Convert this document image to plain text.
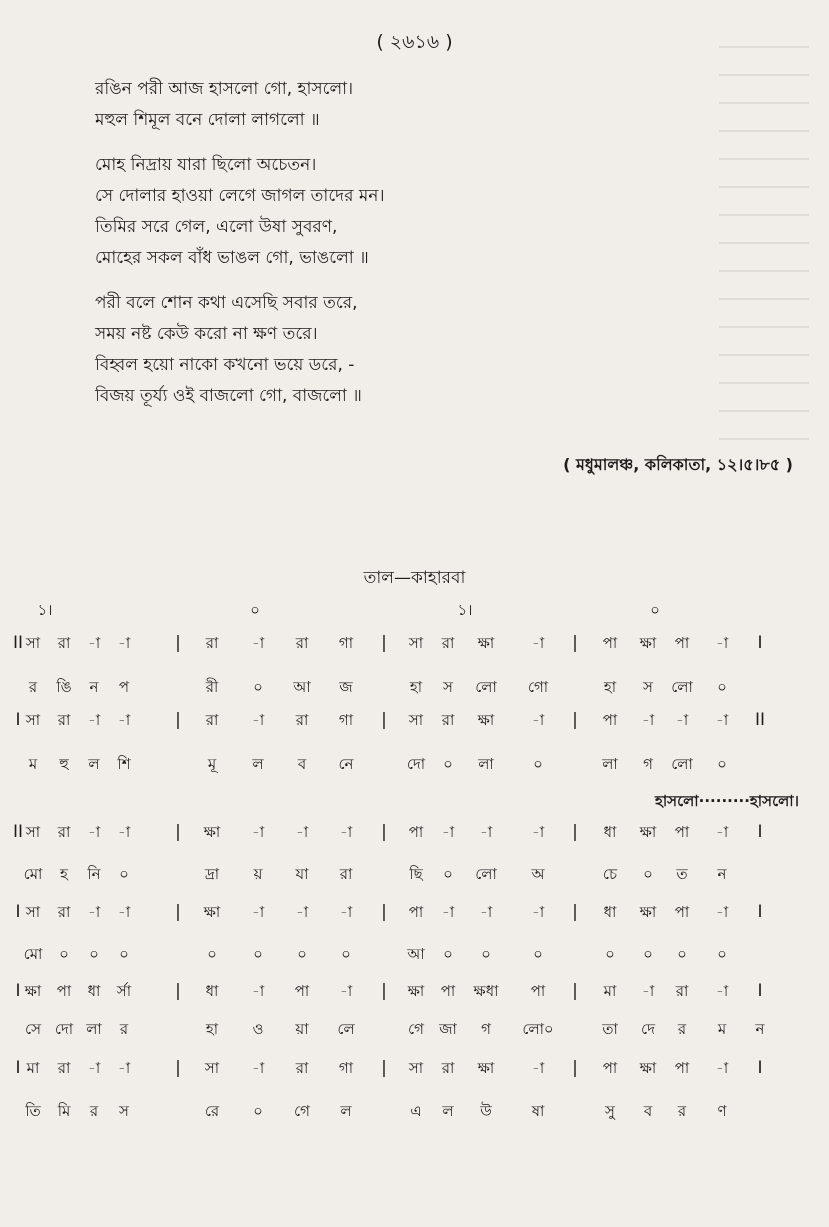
( ২৬১৬ )
রঙিন পরী আজ হাসলো গো, হাসলো।
মহুল শিমূল বনে দোলা লাগলো ॥
মোহ নিদ্রায় যারা ছিলো অচেতন।
সে দোলার হাওয়া লেগে জাগল তাদের মন।
তিমির সরে গেল, এলো উষা সুবরণ,
মোহের সকল বাঁধ ভাঙল গো, ভাঙলো ॥
পরী বলে শোন কথা এসেছি সবার তরে,
সময় নষ্ট কেউ করো না ক্ষণ তরে।
বিহ্বল হয়ো নাকো কখনো ভয়ে ডরে, -
বিজয় তূর্য্য ওই বাজলো গো, বাজলো ॥
( মধুমালঞ্চ, কলিকাতা, ১২।৫।৮৫ )
তাল—কাহারবা
১।	০	১।	০
II সা রা -া -া	| রা -া রা গা | সা রা ক্ষা	-া | পা ক্ষা পা -া I
র ঙি ন প	রী ০ আ জ	হা স লো গো	হা স লো ০
I সা রা -া -া	| রা -া রা গা | সা রা ক্ষা	-া | পা -া -া -া II
ম হু ল শি	মূ ল ব নে	দো ০ লা	০	লা গ লো ০
II সা রা -া -া	| ক্ষা -া -া -া | পা -া -া	-া | ধা ক্ষা পা -া I
মো হ নি ০	দ্রা য় যা রা	ছি ০ লো অ	চে ০ ত ন
I সা রা -া -া	| ক্ষা -া -া -া | পা -া -া	-া | ধা ক্ষা পা -া I
মো ০ ০ ০	০ ০ ০ ০	আ ০ ০	০	০ ০ ০ ০
I ক্ষা পা ধা র্সা	| ধা -া পা -া | ক্ষা পা ক্ষধা পা | মা -া রা -া I
সে দো লা র	হা ও য়া লে	গে জা গ লো০	তা দে র ম ন
I মা রা -া -া	| সা -া রা গা | সা রা ক্ষা	-া | পা ক্ষা পা -া I
তি মি র স	রে ০ গে ল	এ ল উ	ষা	সু ব র ণ
হাসলো·········হাসলো।
